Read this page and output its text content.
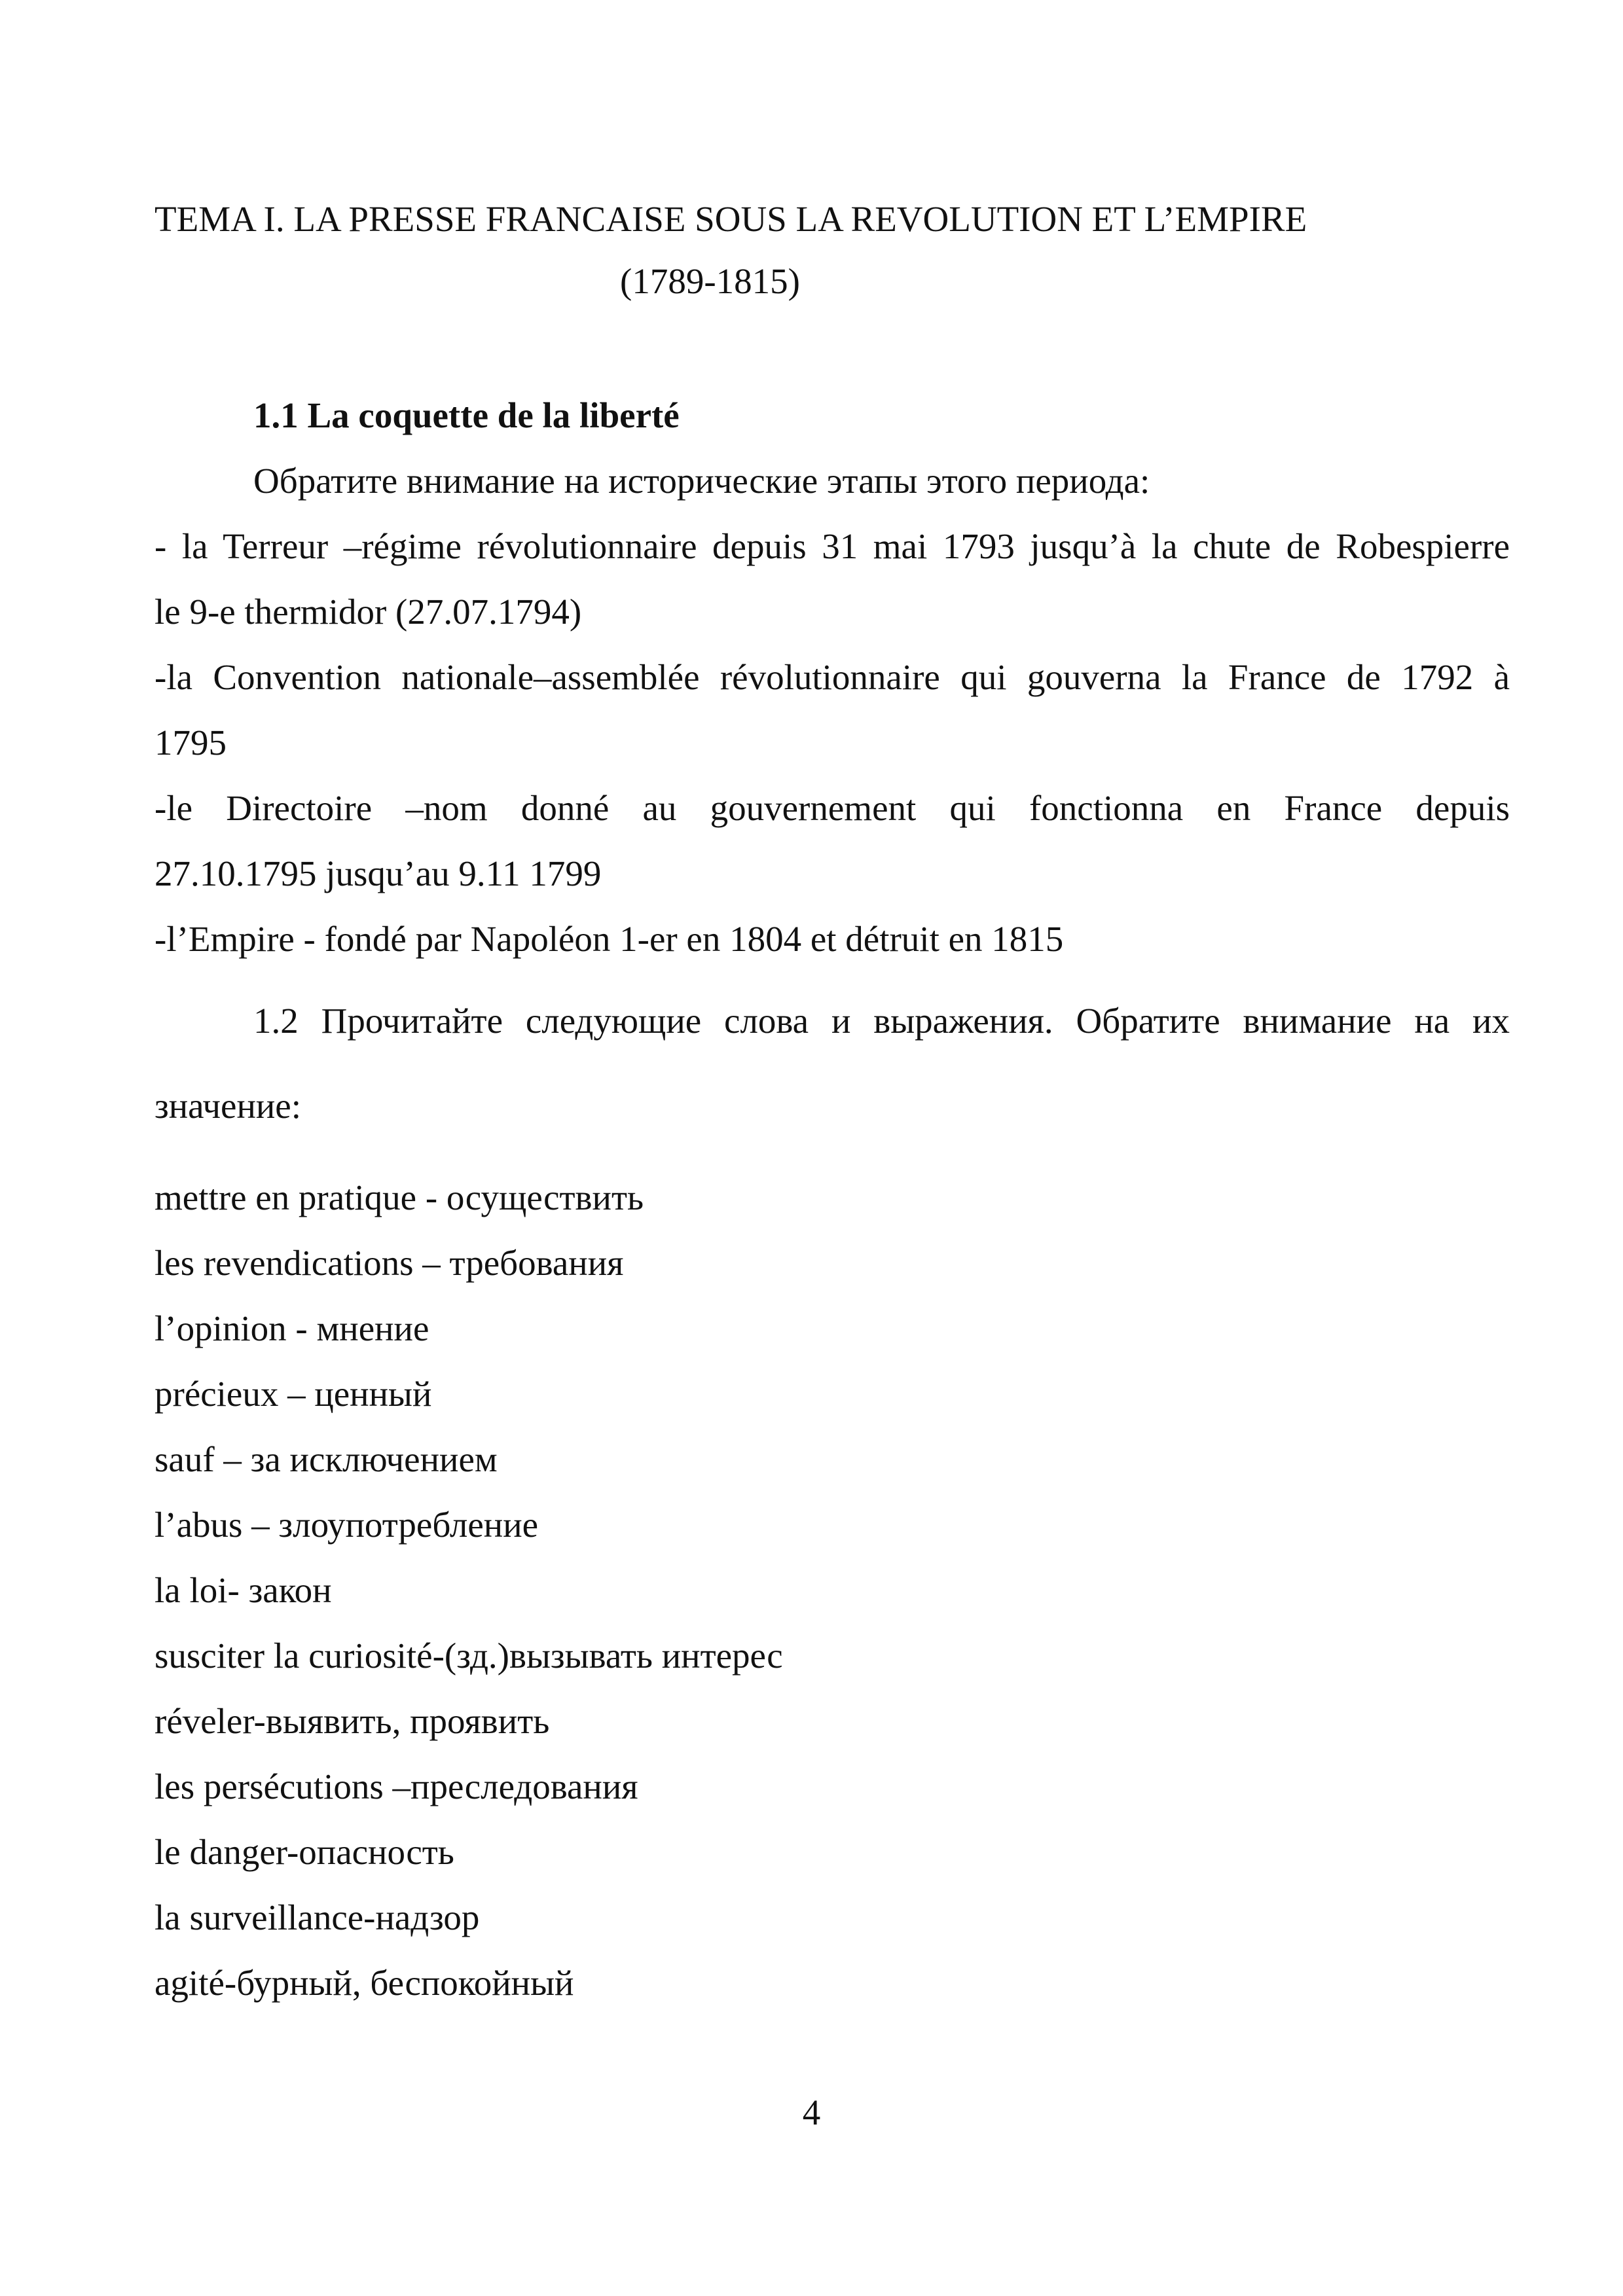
TEMA I. LA PRESSE FRANCAISE SOUS LA REVOLUTION ET L’EMPIRE
(1789-1815)
1.1 La coquette de la liberté
Обратите внимание на исторические этапы этого периода:
- la Terreur –régime révolutionnaire depuis 31 mai 1793 jusqu’à la chute de Robespierre
le 9-e thermidor (27.07.1794)
-la Convention nationale–assemblée révolutionnaire qui gouverna la France de 1792 à
1795
-le Directoire –nom donné au gouvernement qui fonctionna en France depuis
27.10.1795 jusqu’au 9.11 1799
-l’Empire - fondé par Napoléon 1-er en 1804 et détruit en 1815
1.2 Прочитайте следующие слова и выражения. Обратите внимание на их
значение:
mettre en pratique - осуществить
les revendications – требования
l’opinion - мнение
précieux – ценный
sauf – за исключением
l’abus – злоупотребление
la loi- закон
susciter la curiosité-(зд.)вызывать интерес
réveler-выявить, проявить
les persécutions –преследования
le danger-опасность
la surveillance-надзор
agité-бурный, беспокойный
4
